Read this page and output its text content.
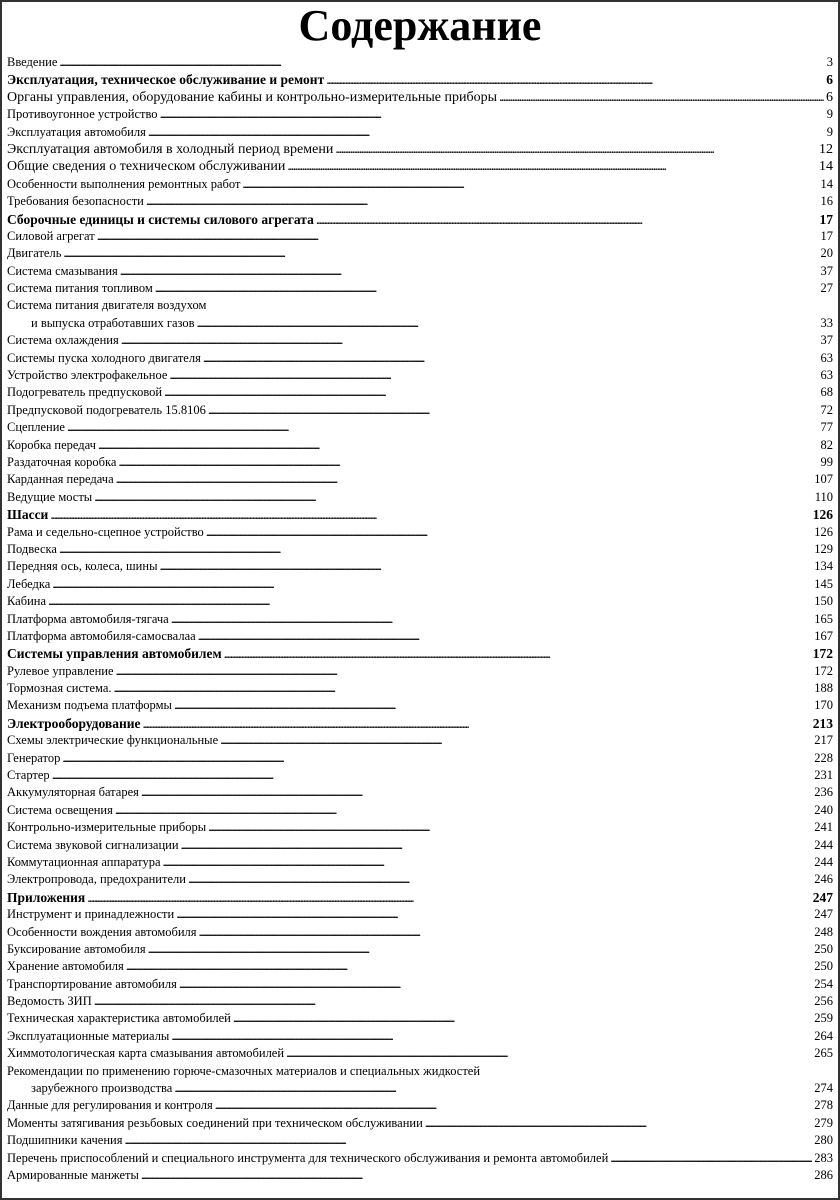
Содержание
Введение . . .	3
Эксплуатация, техническое обслуживание и ремонт . . .	6
Органы управления, оборудование кабины и контрольно-измерительные приборы . . .	6
Противоугонное устройство . . .	9
Эксплуатация автомобиля . . .	9
Эксплуатация автомобиля в холодный период времени . . .	12
Общие сведения о техническом обслуживании . . .	14
Особенности выполнения ремонтных работ . . .	14
Требования безопасности . . .	16
Сборочные единицы и системы силового агрегата . . .	17
Силовой агрегат . . .	17
Двигатель . . .	20
Система смазывания . . .	37
Система питания топливом . . .	27
Система питания двигателя воздухом
и выпуска отработавших газов . . .	33
Система охлаждения . . .	37
Системы пуска холодного двигателя . . .	63
Устройство электрофакельное . . .	63
Подогреватель предпусковой . . .	68
Предпусковой подогреватель 15.8106 . . .	72
Сцепление . . .	77
Коробка передач . . .	82
Раздаточная коробка . . .	99
Карданная передача . . .	107
Ведущие мосты . . .	110
Шасси . . .	126
Рама и седельно-сцепное устройство . . .	126
Подвеска . . .	129
Передняя ось, колеса, шины . . .	134
Лебедка . . .	145
Кабина . . .	150
Платформа автомобиля-тягача . . .	165
Платформа автомобиля-самосвалаа . . .	167
Системы управления автомобилем . . .	172
Рулевое управление . . .	172
Тормозная система. . . .	188
Механизм подъема платформы . . .	170
Электрооборудование . . .	213
Схемы электрические функциональные . . .	217
Генератор . . .	228
Стартер . . .	231
Аккумуляторная батарея . . .	236
Система освещения . . .	240
Контрольно-измерительные приборы . . .	241
Система звуковой сигнализации . . .	244
Коммутационная аппаратура . . .	244
Электропровода, предохранители . . .	246
Приложения . . .	247
Инструмент и принадлежности . . .	247
Особенности вождения автомобиля . . .	248
Буксирование автомобиля . . .	250
Хранение автомобиля . . .	250
Транспортирование автомобиля . . .	254
Ведомость ЗИП . . .	256
Техническая характеристика автомобилей . . .	259
Эксплуатационные материалы . . .	264
Химмотологическая карта смазывания автомобилей . . .	265
Рекомендации по применению горюче-смазочных материалов и специальных жидкостей
зарубежного производства . . .	274
Данные для регулирования и контроля . . .	278
Моменты затягивания резьбовых соединений при техническом обслуживании . . .	279
Подшипники качения . . .	280
Перечень приспособлений и специального инструмента для технического обслуживания и ремонта автомобилей . . .	283
Армированные манжеты . . .	286
